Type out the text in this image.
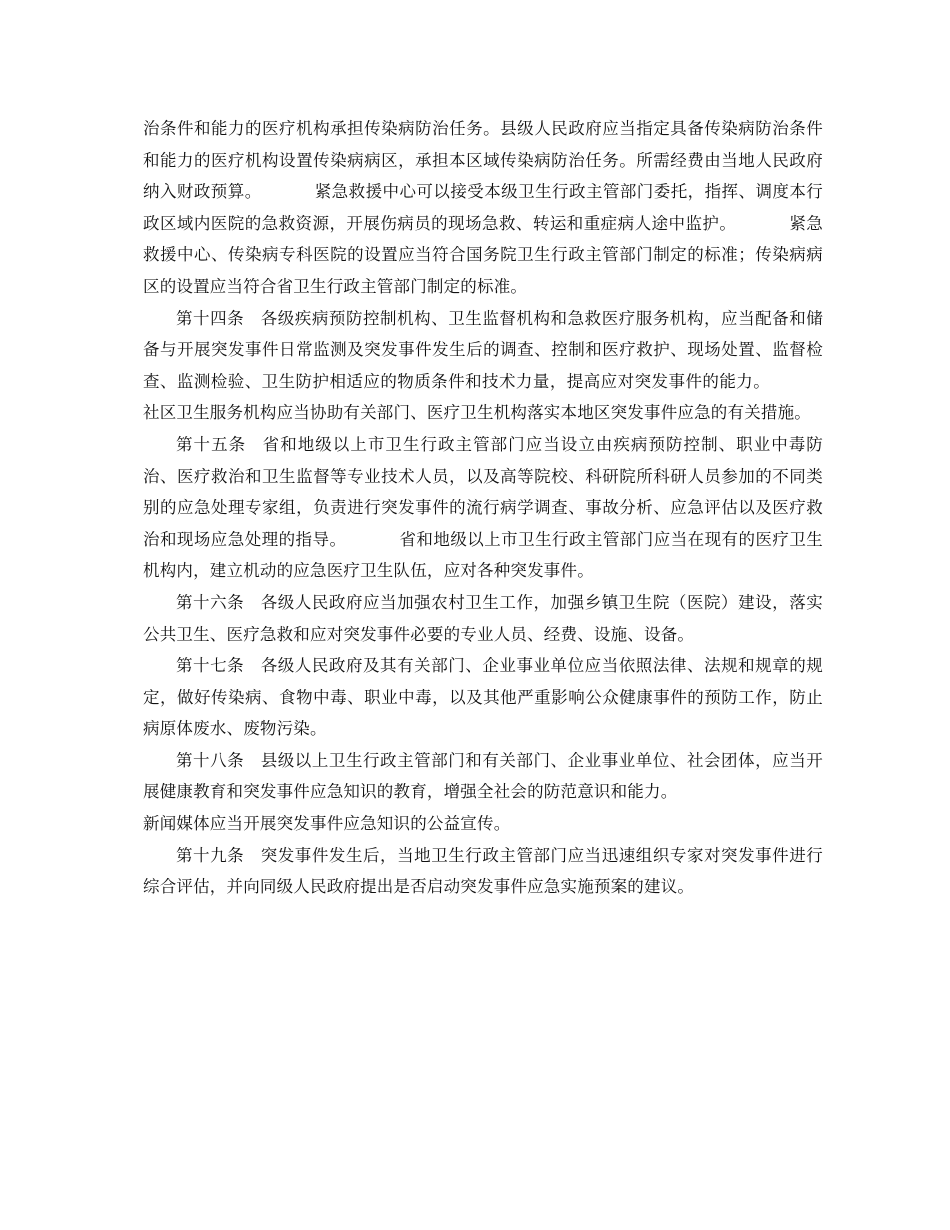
治条件和能力的医疗机构承担传染病防治任务。县级人民政府应当指定具备传染病防治条件和能力的医疗机构设置传染病病区，承担本区域传染病防治任务。所需经费由当地人民政府纳入财政预算。	紧急救援中心可以接受本级卫生行政主管部门委托，指挥、调度本行政区域内医院的急救资源，开展伤病员的现场急救、转运和重症病人途中监护。	紧急救援中心、传染病专科医院的设置应当符合国务院卫生行政主管部门制定的标准；传染病病区的设置应当符合省卫生行政主管部门制定的标准。

第十四条 各级疾病预防控制机构、卫生监督机构和急救医疗服务机构，应当配备和储备与开展突发事件日常监测及突发事件发生后的调查、控制和医疗救护、现场处置、监督检查、监测检验、卫生防护相适应的物质条件和技术力量，提高应对突发事件的能力。社区卫生服务机构应当协助有关部门、医疗卫生机构落实本地区突发事件应急的有关措施。

第十五条 省和地级以上市卫生行政主管部门应当设立由疾病预防控制、职业中毒防治、医疗救治和卫生监督等专业技术人员，以及高等院校、科研院所科研人员参加的不同类别的应急处理专家组，负责进行突发事件的流行病学调查、事故分析、应急评估以及医疗救治和现场应急处理的指导。	省和地级以上市卫生行政主管部门应当在现有的医疗卫生机构内，建立机动的应急医疗卫生队伍，应对各种突发事件。

第十六条 各级人民政府应当加强农村卫生工作，加强乡镇卫生院（医院）建设，落实公共卫生、医疗急救和应对突发事件必要的专业人员、经费、设施、设备。

第十七条 各级人民政府及其有关部门、企业事业单位应当依照法律、法规和规章的规定，做好传染病、食物中毒、职业中毒，以及其他严重影响公众健康事件的预防工作，防止病原体废水、废物污染。

第十八条 县级以上卫生行政主管部门和有关部门、企业事业单位、社会团体，应当开展健康教育和突发事件应急知识的教育，增强全社会的防范意识和能力。
新闻媒体应当开展突发事件应急知识的公益宣传。

第十九条 突发事件发生后，当地卫生行政主管部门应当迅速组织专家对突发事件进行综合评估，并向同级人民政府提出是否启动突发事件应急实施预案的建议。
